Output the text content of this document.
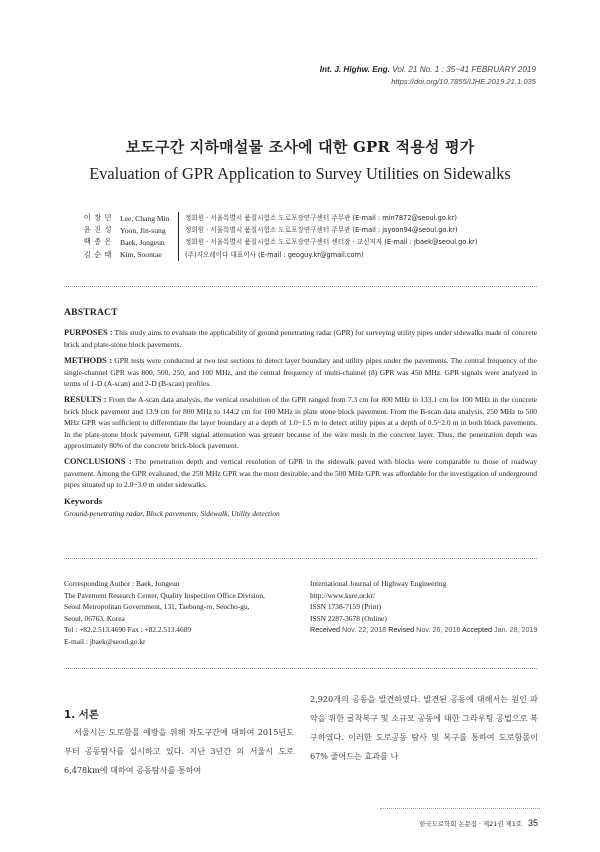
Int. J. Highw. Eng. Vol. 21 No. 1 : 35~41 FEBRUARY 2019
https://doi.org/10.7855/IJHE.2019.21.1.035
보도구간 지하매설물 조사에 대한 GPR 적용성 평가
Evaluation of GPR Application to Survey Utilities on Sidewalks
이 창 민	Lee, Chang Min	정회원 · 서울특별시 품질시험소 도로포장연구센터 주무관 (E-mail : min7872@seoul.go.kr)
윤 진 성	Yoon, Jin-sung	정회원 · 서울특별시 품질시험소 도로포장연구센터 주무관 (E-mail : jsyoon94@seoul.go.kr)
백 종 은	Baek, Jongeun	정회원 · 서울특별시 품질시험소 도로포장연구센터 센터장 · 교신저자 (E-mail : jbaek@seoul.go.kr)
김 순 태	Kim, Soontae	(주)지오레이다 대표이사 (E-mail : geoguy.kr@gmail.com)
ABSTRACT

PURPOSES : This study aims to evaluate the applicability of ground penetrating radar (GPR) for surveying utility pipes under sidewalks made of concrete brick and plate-stone block pavements.

METHODS : GPR tests were conducted at two test sections to detect layer boundary and utility pipes under the pavements. The central frequency of the single-channel GPR was 800, 500, 250, and 100 MHz, and the central frequency of multi-channel (8) GPR was 450 MHz. GPR signals were analyzed in terms of 1-D (A-scan) and 2-D (B-scan) profiles.

RESULTS : From the A-scan data analysis, the vertical resolution of the GPR ranged from 7.3 cm for 800 MHz to 133.1 cm for 100 MHz in the concrete brick block pavement and 13.9 cm for 800 MHz to 144.2 cm for 100 MHz in plate stone block pavement. From the B-scan data analysis, 250 MHz to 500 MHz GPR was sufficient to differentiate the layer boundary at a depth of 1.0~1.5 m to detect utility pipes at a depth of 0.5~2.0 m in both block pavements. In the plate-stone block pavement, GPR signal attenuation was greater because of the wire mesh in the concrete layer. Thus, the penetration depth was approximately 80% of the concrete brick-block pavement.

CONCLUSIONS : The penetration depth and vertical resolution of GPR in the sidewalk paved with blocks were comparable to those of roadway pavement. Among the GPR evaluated, the 250 MHz GPR was the most desirable, and the 500 MHz GPR was affordable for the investigation of underground pipes situated up to 2.0~3.0 m under sidewalks.

Keywords
Ground-penetrating radar, Block pavements, Sidewalk, Utility detection
Corresponding Author : Baek, Jongeun
The Pavement Research Center, Quality Inspection Office Division,
Seoul Metropolitan Government, 131, Taebong-ro, Seocho-gu,
Seoul, 06763, Korea
Tel : +82.2.513.4690 Fax : +82.2.513.4689
E-mail : jbaek@seoul.go.kr
International Journal of Highway Engineering
http://www.ksre.or.kr/
ISSN 1738-7159 (Print)
ISSN 2287-3678 (Online)
Received Nov. 22, 2018 Revised Nov. 26, 2018 Accepted Jan. 28, 2019
1. 서론
서울시는 도로함몰 예방을 위해 차도구간에 대하여 2015년도부터 공동탐사를 실시하고 있다. 지난 3년간 의 서울시 도로 6,478km에 대하여 공동탐사를 통하여
2,920개의 공동을 발견하였다. 발견된 공동에 대해서는 원인 파악을 위한 굴착복구 및 소규모 공동에 대한 그라우팅 공법으로 복구하였다. 이러한 도로공동 탐사 및 복구를 통하여 도로함몰이 67% 줄어드는 효과를 나
한국도로학회 논문집 · 제21권 제1호 35
